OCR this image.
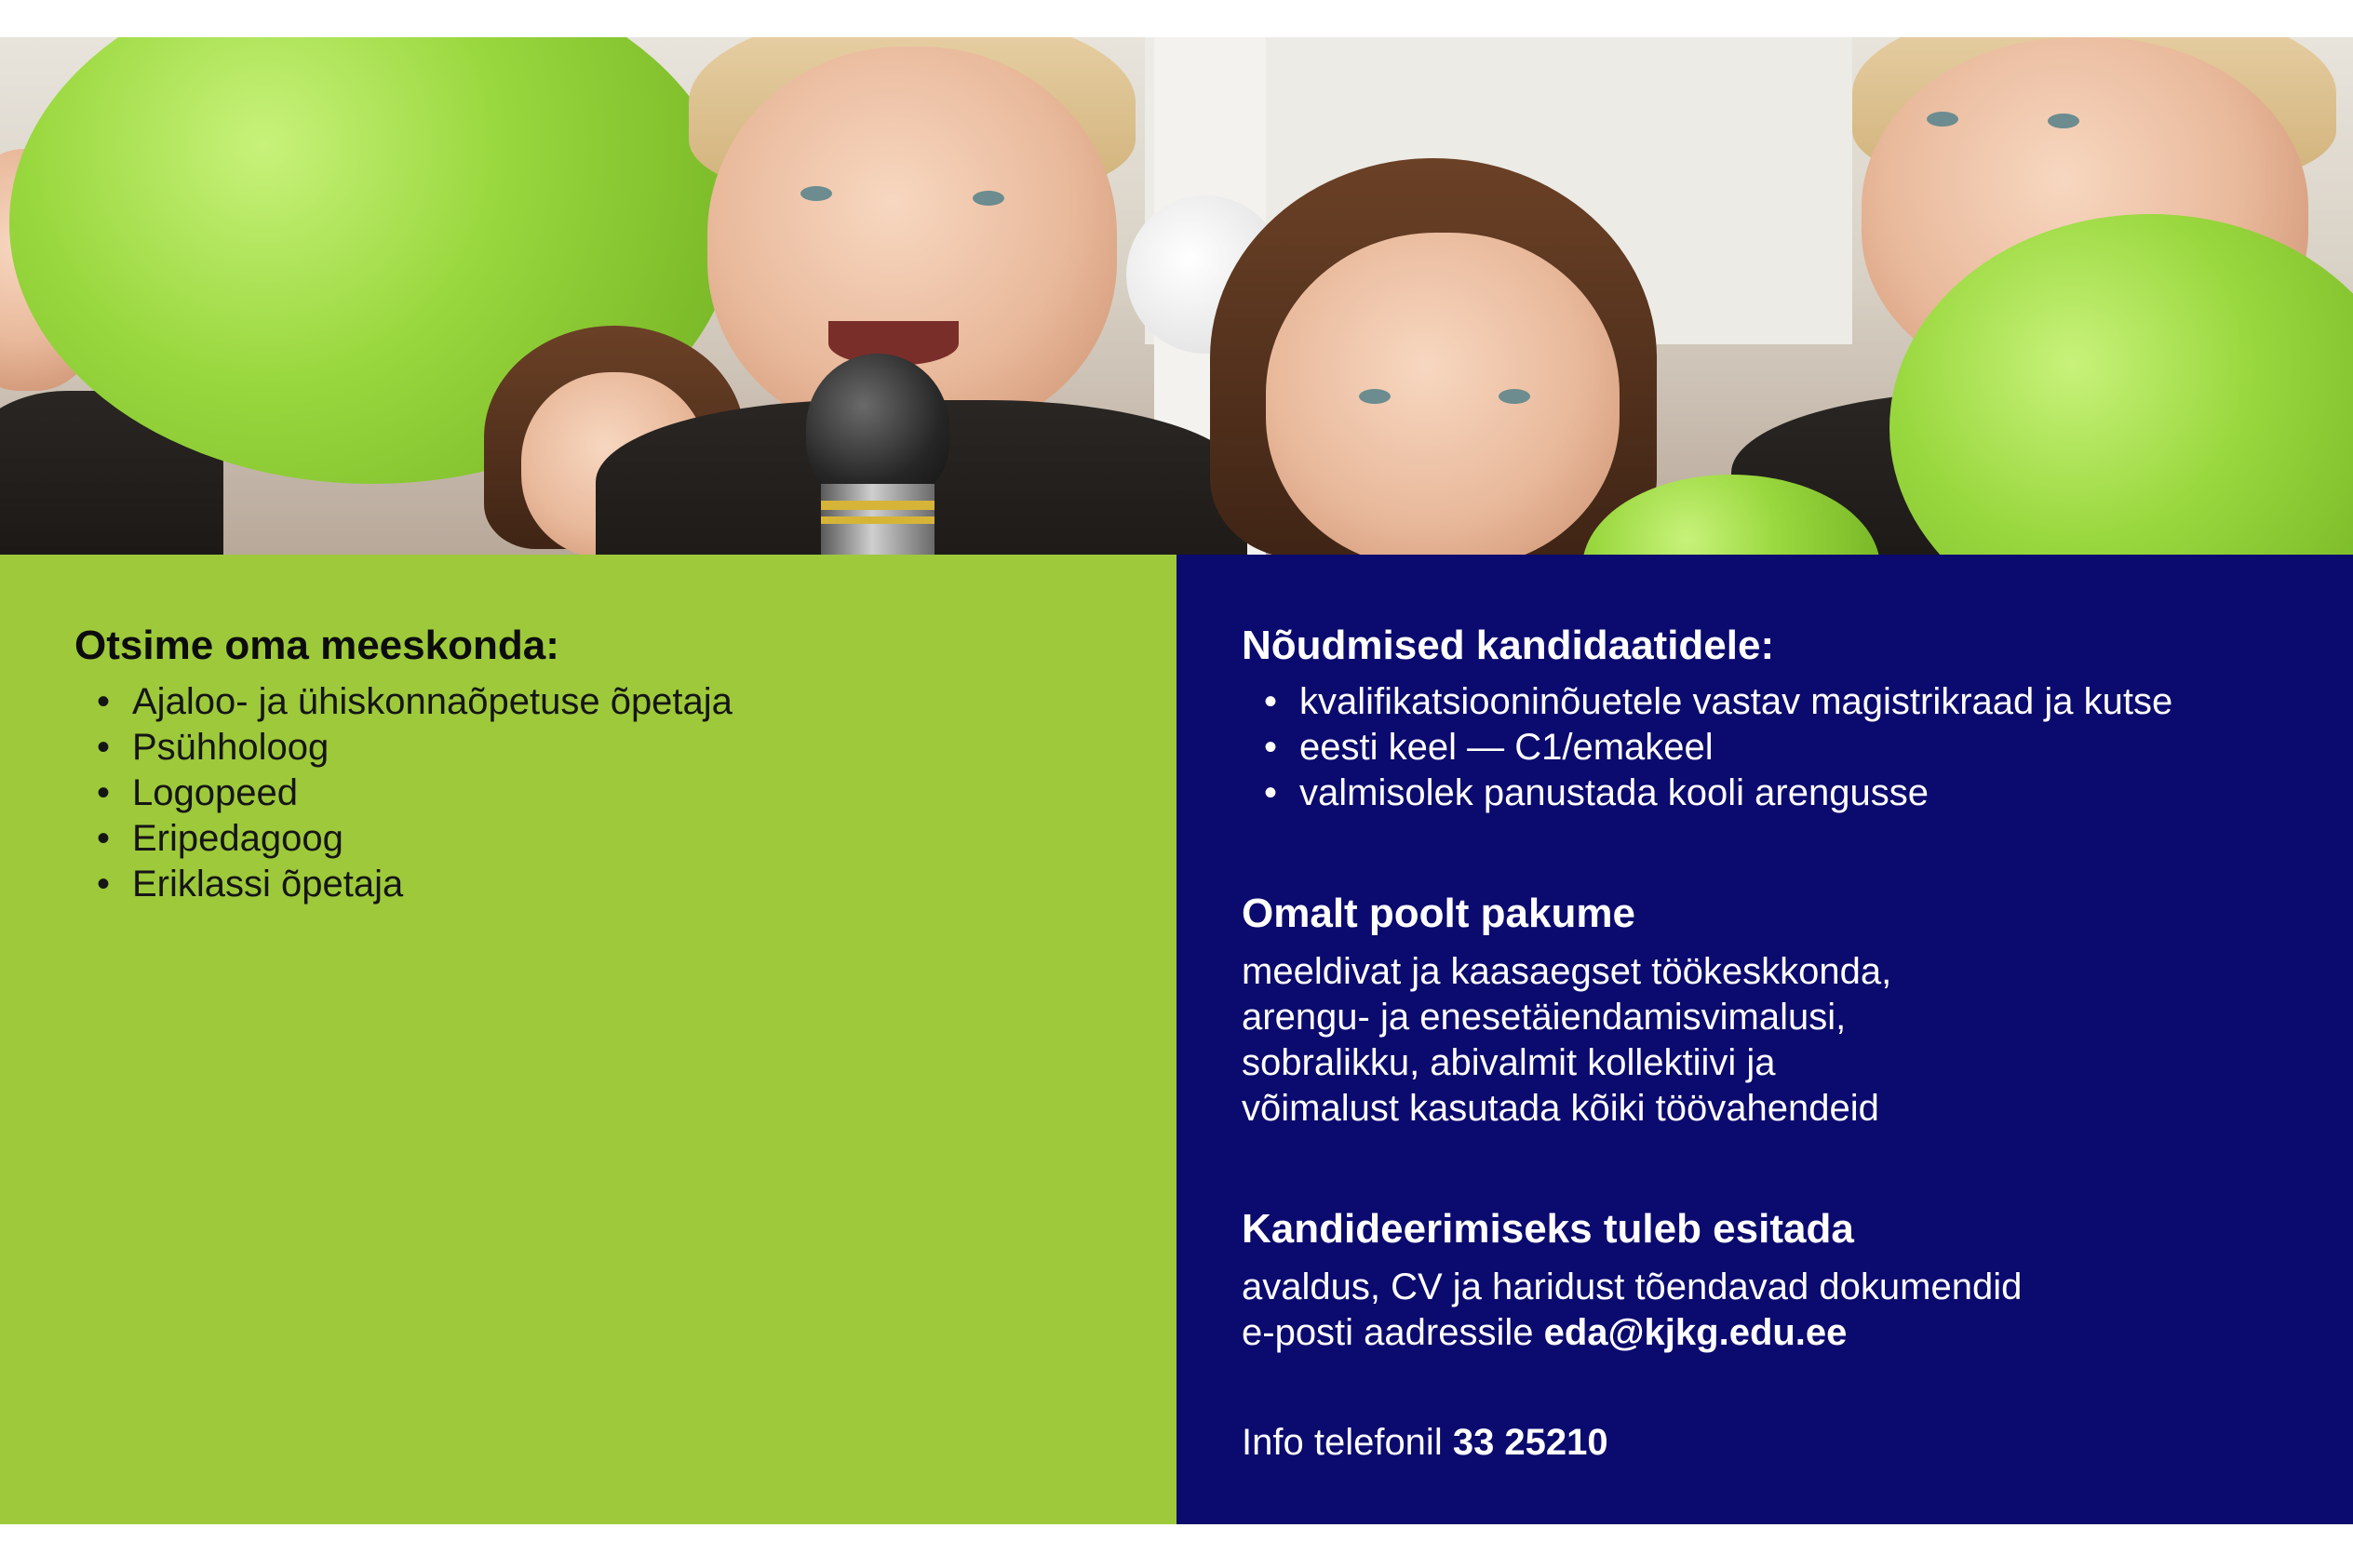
Otsime oma meeskonda:
• Ajaloo- ja ühiskonnaõpetuse õpetaja
• Psühholoog
• Logopeed
• Eripedagoog
• Eriklassi õpetaja
Nõudmised kandidaatidele:
• kvalifikatsiooninõuetele vastav magistrikraad ja kutse
• eesti keel — C1/emakeel
• valmisolek panustada kooli arengusse
Omalt poolt pakume
meeldivat ja kaasaegset töökeskkonda,
arengu- ja enesetäiendamisvimalusi,
sobralikku, abivalmit kollektiivi ja
võimalust kasutada kõiki töövahendeid
Kandideerimiseks tuleb esitada
avaldus, CV ja haridust tõendavad dokumendid
e-posti aadressile eda@kjkg.edu.ee
Info telefonil 33 25210
